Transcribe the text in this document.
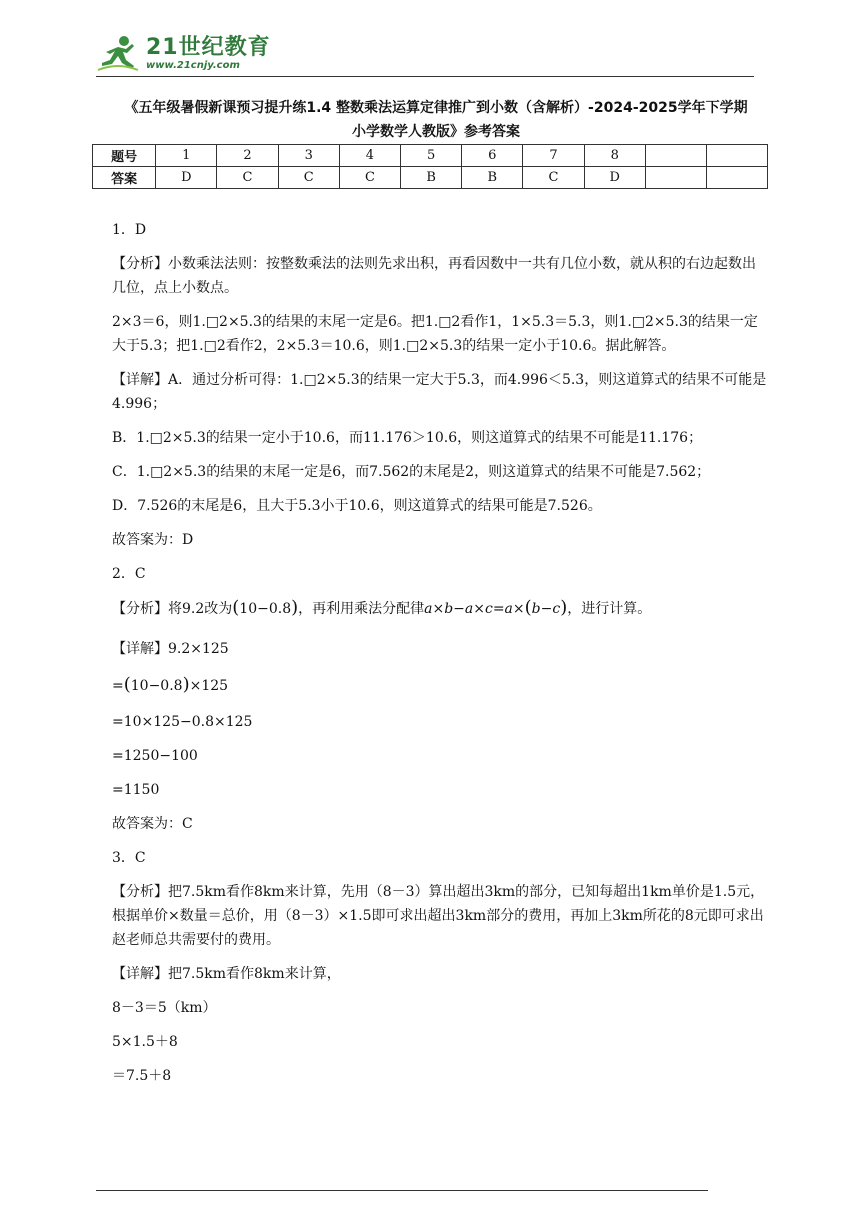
21世纪教育
www.21cnjy.com
《五年级暑假新课预习提升练1.4 整数乘法运算定律推广到小数（含解析）-2024-2025学年下学期
小学数学人教版》参考答案
题号	1	2	3	4	5	6	7	8		
答案	D	C	C	C	B	B	C	D		

1．D

【分析】小数乘法法则：按整数乘法的法则先求出积，再看因数中一共有几位小数，就从积的右边起数出几位，点上小数点。

2×3＝6，则1.□2×5.3的结果的末尾一定是6。把1.□2看作1，1×5.3＝5.3，则1.□2×5.3的结果一定大于5.3；把1.□2看作2，2×5.3＝10.6，则1.□2×5.3的结果一定小于10.6。据此解答。

【详解】A．通过分析可得：1.□2×5.3的结果一定大于5.3，而4.996＜5.3，则这道算式的结果不可能是4.996；

B．1.□2×5.3的结果一定小于10.6，而11.176＞10.6，则这道算式的结果不可能是11.176；

C．1.□2×5.3的结果的末尾一定是6，而7.562的末尾是2，则这道算式的结果不可能是7.562；

D．7.526的末尾是6，且大于5.3小于10.6，则这道算式的结果可能是7.526。

故答案为：D

2．C

【分析】将9.2改为(10−0.8)，再利用乘法分配律a×b−a×c=a×(b−c)，进行计算。

【详解】9.2×125

=(10−0.8)×125

=10×125−0.8×125

=1250−100

=1150

故答案为：C

3．C

【分析】把7.5km看作8km来计算，先用（8－3）算出超出3km的部分，已知每超出1km单价是1.5元，根据单价×数量＝总价，用（8－3）×1.5即可求出超出3km部分的费用，再加上3km所花的8元即可求出赵老师总共需要付的费用。

【详解】把7.5km看作8km来计算，

8－3＝5（km）

5×1.5＋8

＝7.5＋8
